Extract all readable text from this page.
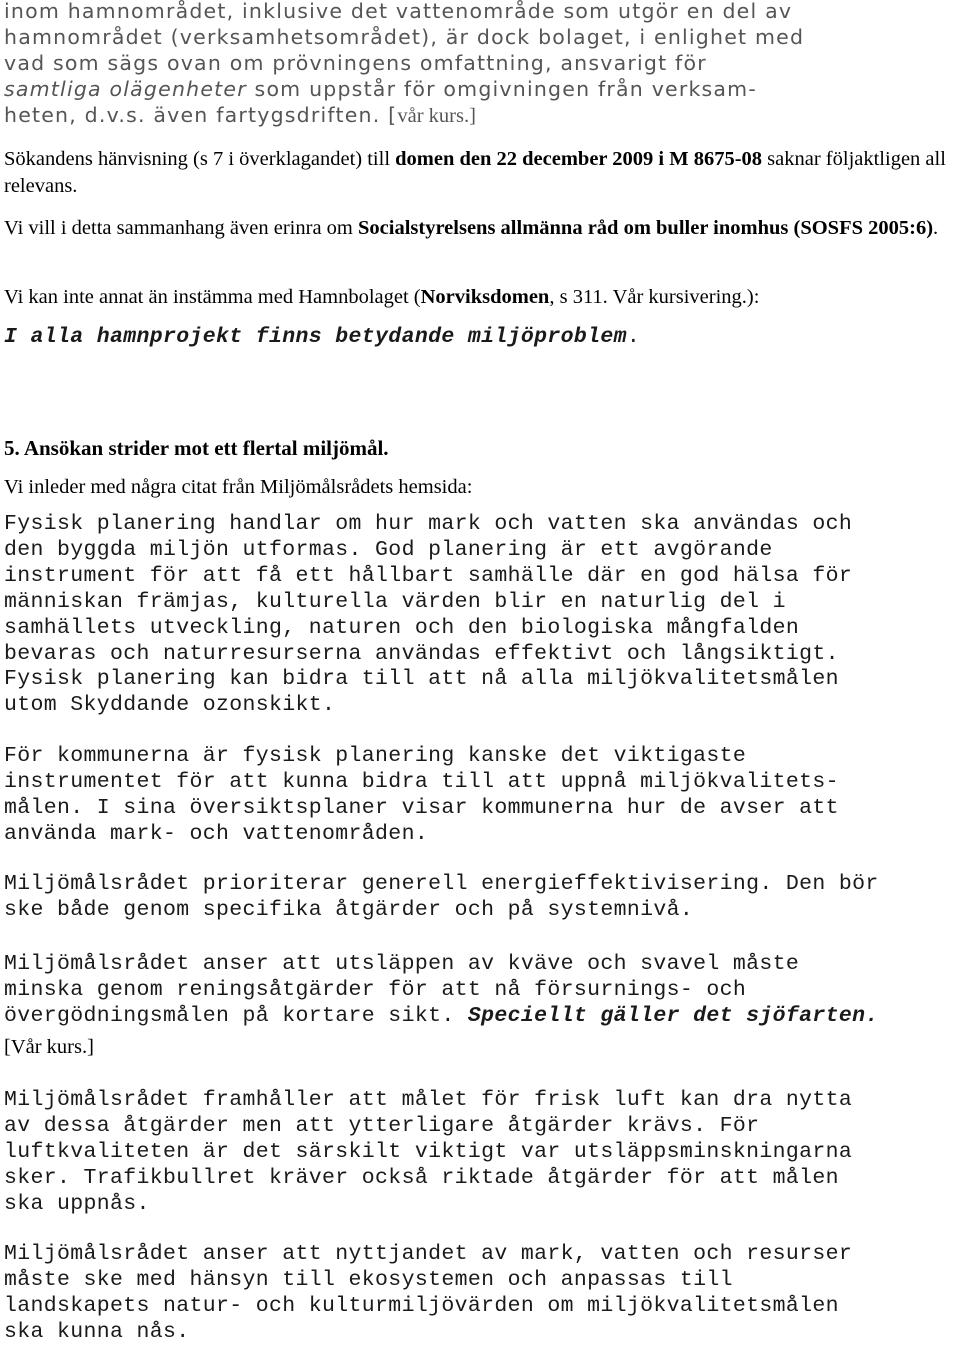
inom hamnområdet, inklusive det vattenområde som utgör en del av
hamnområdet (verksamhetsområdet), är dock bolaget, i enlighet med
vad som sägs ovan om prövningens omfattning, ansvarigt för
samtliga olägenheter som uppstår för omgivningen från verksam-
heten, d.v.s. även fartygsdriften. [vår kurs.]

Sökandens hänvisning (s 7 i överklagandet) till domen den 22 december 2009 i M 8675-08 saknar följaktligen all relevans.

Vi vill i detta sammanhang även erinra om Socialstyrelsens allmänna råd om buller inomhus (SOSFS 2005:6).

Vi kan inte annat än instämma med Hamnbolaget (Norviksdomen, s 311. Vår kursivering.):

I alla hamnprojekt finns betydande miljöproblem.

5. Ansökan strider mot ett flertal miljömål.

Vi inleder med några citat från Miljömålsrådets hemsida:

Fysisk planering handlar om hur mark och vatten ska användas och
den byggda miljön utformas. God planering är ett avgörande
instrument för att få ett hållbart samhälle där en god hälsa för
människan främjas, kulturella värden blir en naturlig del i
samhällets utveckling, naturen och den biologiska mångfalden
bevaras och naturresurserna användas effektivt och långsiktigt.
Fysisk planering kan bidra till att nå alla miljökvalitetsmålen
utom Skyddande ozonskikt.
För kommunerna är fysisk planering kanske det viktigaste
instrumentet för att kunna bidra till att uppnå miljökvalitets-
målen. I sina översiktsplaner visar kommunerna hur de avser att
använda mark- och vattenområden.
Miljömålsrådet prioriterar generell energieffektivisering. Den bör
ske både genom specifika åtgärder och på systemnivå.
Miljömålsrådet anser att utsläppen av kväve och svavel måste
minska genom reningsåtgärder för att nå försurnings- och
övergödningsmålen på kortare sikt. Speciellt gäller det sjöfarten.

[Vår kurs.]

Miljömålsrådet framhåller att målet för frisk luft kan dra nytta
av dessa åtgärder men att ytterligare åtgärder krävs. För
luftkvaliteten är det särskilt viktigt var utsläppsminskningarna
sker. Trafikbullret kräver också riktade åtgärder för att målen
ska uppnås.
Miljömålsrådet anser att nyttjandet av mark, vatten och resurser
måste ske med hänsyn till ekosystemen och anpassas till
landskapets natur- och kulturmiljövärden om miljökvalitetsmålen
ska kunna nås.
